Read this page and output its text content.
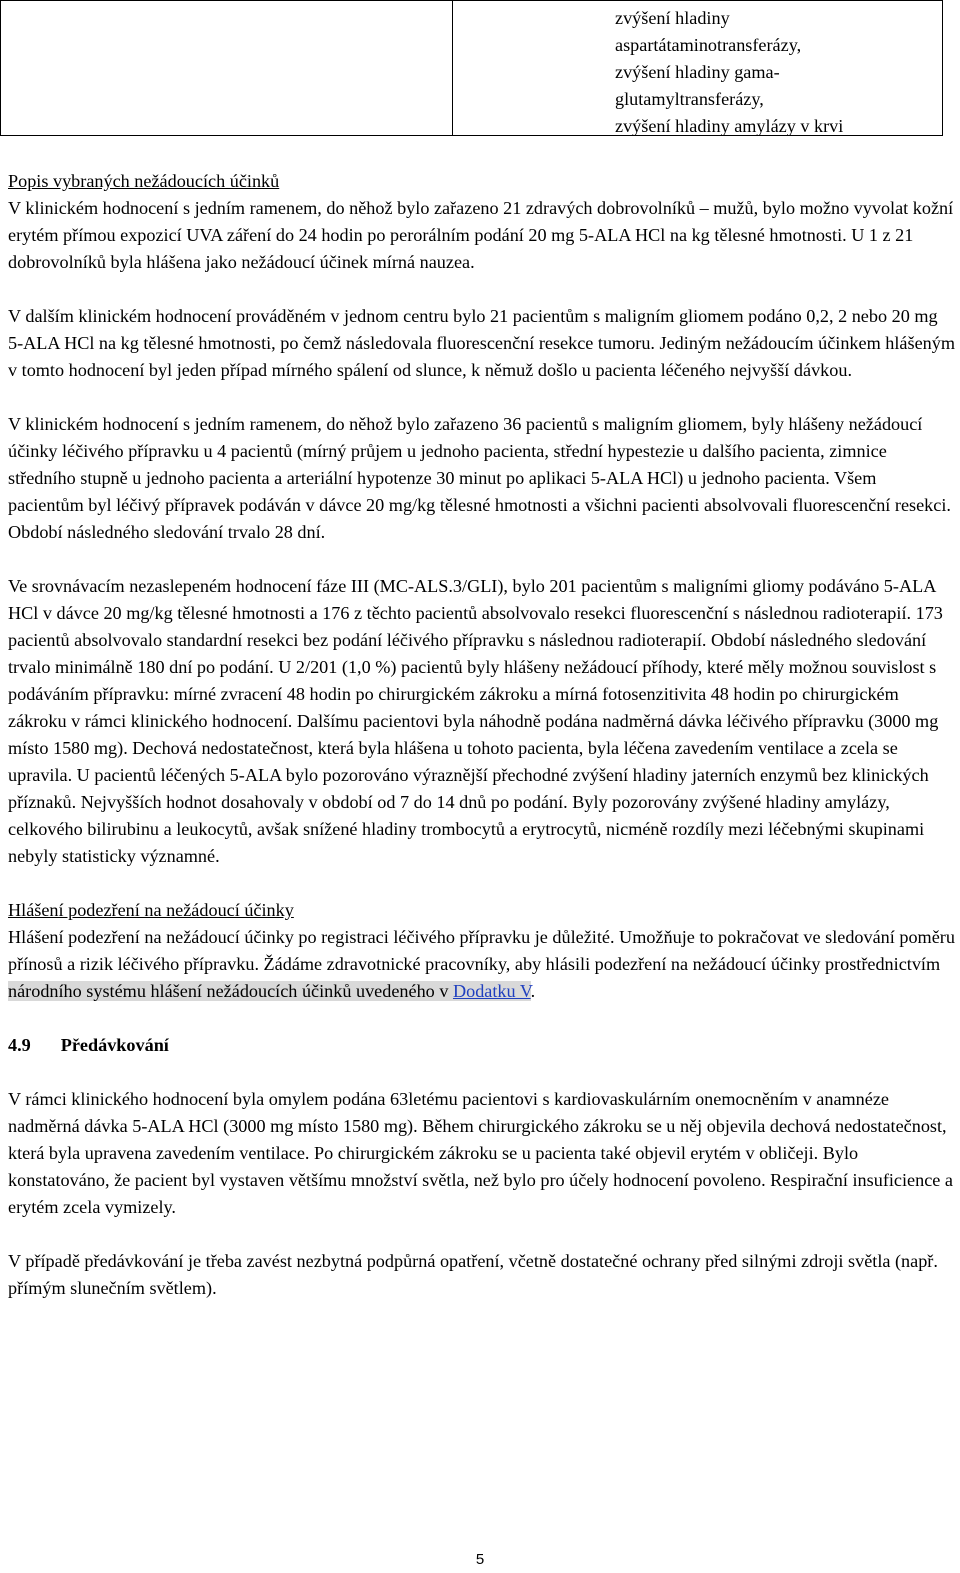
zvýšení hladiny
aspartátaminotransferázy,
zvýšení hladiny gama-
glutamyltransferázy,
zvýšení hladiny amylázy v krvi

Popis vybraných nežádoucích účinků

V klinickém hodnocení s jedním ramenem, do něhož bylo zařazeno 21 zdravých dobrovolníků – mužů, bylo možno vyvolat kožní erytém přímou expozicí UVA záření do 24 hodin po perorálním podání 20 mg 5-ALA HCl na kg tělesné hmotnosti. U 1 z 21 dobrovolníků byla hlášena jako nežádoucí účinek mírná nauzea.

V dalším klinickém hodnocení prováděném v jednom centru bylo 21 pacientům s maligním gliomem podáno 0,2, 2 nebo 20 mg 5-ALA HCl na kg tělesné hmotnosti, po čemž následovala fluorescenční resekce tumoru. Jediným nežádoucím účinkem hlášeným v tomto hodnocení byl jeden případ mírného spálení od slunce, k němuž došlo u pacienta léčeného nejvyšší dávkou.

V klinickém hodnocení s jedním ramenem, do něhož bylo zařazeno 36 pacientů s maligním gliomem, byly hlášeny nežádoucí účinky léčivého přípravku u 4 pacientů (mírný průjem u jednoho pacienta, střední hypestezie u dalšího pacienta, zimnice středního stupně u jednoho pacienta a arteriální hypotenze 30 minut po aplikaci 5-ALA HCl) u jednoho pacienta. Všem pacientům byl léčivý přípravek podáván v dávce 20 mg/kg tělesné hmotnosti a všichni pacienti absolvovali fluorescenční resekci. Období následného sledování trvalo 28 dní.

Ve srovnávacím nezaslepeném hodnocení fáze III (MC-ALS.3/GLI), bylo 201 pacientům s maligními gliomy podáváno 5-ALA HCl v dávce 20 mg/kg tělesné hmotnosti a 176 z těchto pacientů absolvovalo resekci fluorescenční s následnou radioterapií. 173 pacientů absolvovalo standardní resekci bez podání léčivého přípravku s následnou radioterapií. Období následného sledování trvalo minimálně 180 dní po podání. U 2/201 (1,0 %) pacientů byly hlášeny nežádoucí příhody, které měly možnou souvislost s podáváním přípravku: mírné zvracení 48 hodin po chirurgickém zákroku a mírná fotosenzitivita 48 hodin po chirurgickém zákroku v rámci klinického hodnocení. Dalšímu pacientovi byla náhodně podána nadměrná dávka léčivého přípravku (3000 mg místo 1580 mg). Dechová nedostatečnost, která byla hlášena u tohoto pacienta, byla léčena zavedením ventilace a zcela se upravila. U pacientů léčených 5-ALA bylo pozorováno výraznější přechodné zvýšení hladiny jaterních enzymů bez klinických příznaků. Nejvyšších hodnot dosahovaly v období od 7 do 14 dnů po podání. Byly pozorovány zvýšené hladiny amylázy, celkového bilirubinu a leukocytů, avšak snížené hladiny trombocytů a erytrocytů, nicméně rozdíly mezi léčebnými skupinami nebyly statisticky významné.

Hlášení podezření na nežádoucí účinky

Hlášení podezření na nežádoucí účinky po registraci léčivého přípravku je důležité. Umožňuje to pokračovat ve sledování poměru přínosů a rizik léčivého přípravku. Žádáme zdravotnické pracovníky, aby hlásili podezření na nežádoucí účinky prostřednictvím národního systému hlášení nežádoucích účinků uvedeného v Dodatku V.

4.9 Předávkování

V rámci klinického hodnocení byla omylem podána 63letému pacientovi s kardiovaskulárním onemocněním v anamnéze nadměrná dávka 5-ALA HCl (3000 mg místo 1580 mg). Během chirurgického zákroku se u něj objevila dechová nedostatečnost, která byla upravena zavedením ventilace. Po chirurgickém zákroku se u pacienta také objevil erytém v obličeji. Bylo konstatováno, že pacient byl vystaven většímu množství světla, než bylo pro účely hodnocení povoleno. Respirační insuficience a erytém zcela vymizely.

V případě předávkování je třeba zavést nezbytná podpůrná opatření, včetně dostatečné ochrany před silnými zdroji světla (např. přímým slunečním světlem).

5
